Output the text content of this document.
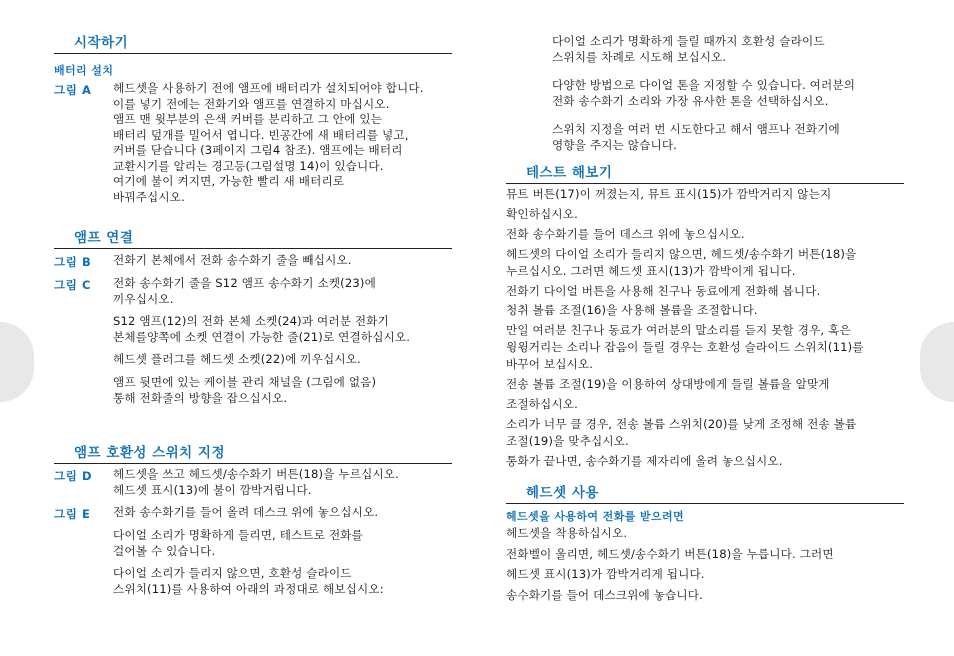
시작하기
배터리 설치
그림 A 헤드셋을 사용하기 전에 앰프에 배터리가 설치되어야 합니다.
이를 넣기 전에는 전화기와 앰프를 연결하지 마십시오.
앰프 맨 윗부분의 은색 커버를 분리하고 그 안에 있는
배터리 덮개를 밀어서 엽니다. 빈공간에 새 배터리를 넣고,
커버를 닫습니다 (3페이지 그림4 참조). 앰프에는 배터리
교환시기를 알리는 경고등(그림설명 14)이 있습니다.
여기에 불이 켜지면, 가능한 빨리 새 배터리로
바꿔주십시오.
앰프 연결
그림 B 전화기 본체에서 전화 송수화기 줄을 빼십시오.
그림 C 전화 송수화기 줄을 S12 앰프 송수화기 소켓(23)에
끼우십시오.
S12 앰프(12)의 전화 본체 소켓(24)과 여러분 전화기
본체를양쪽에 소켓 연결이 가능한 줄(21)로 연결하십시오.
헤드셋 플러그를 헤드셋 소켓(22)에 끼우십시오.
앰프 뒷면에 있는 케이블 관리 채널을 (그림에 없음)
통해 전화줄의 방향을 잡으십시오.
앰프 호환성 스위치 지정
그림 D 헤드셋을 쓰고 헤드셋/송수화기 버튼(18)을 누르십시오.
헤드셋 표시(13)에 불이 깜박거립니다.
그림 E 전화 송수화기를 들어 올려 데스크 위에 놓으십시오.
다이얼 소리가 명확하게 들리면, 테스트로 전화를
걸어볼 수 있습니다.
다이얼 소리가 들리지 않으면, 호환성 슬라이드
스위치(11)를 사용하여 아래의 과정대로 해보십시오:
다이얼 소리가 명확하게 들릴 때까지 호환성 슬라이드
스위치를 차례로 시도해 보십시오.
다양한 방법으로 다이얼 톤을 지정할 수 있습니다. 여러분의
전화 송수화기 소리와 가장 유사한 톤을 선택하십시오.
스위치 지정을 여러 번 시도한다고 해서 앰프나 전화기에
영향을 주지는 않습니다.
테스트 해보기
뮤트 버튼(17)이 꺼졌는지, 뮤트 표시(15)가 깜박거리지 않는지
확인하십시오.
전화 송수화기를 들어 데스크 위에 놓으십시오.
헤드셋의 다이얼 소리가 들리지 않으면, 헤드셋/송수화기 버튼(18)을
누르십시오. 그러면 헤드셋 표시(13)가 깜박이게 됩니다.
전화기 다이얼 버튼을 사용해 친구나 동료에게 전화해 봅니다.
청취 볼륨 조절(16)을 사용해 볼륨을 조절합니다.
만일 여러분 친구나 동료가 여러분의 말소리를 듣지 못할 경우, 혹은
윙윙거리는 소리나 잡음이 들릴 경우는 호환성 슬라이드 스위치(11)를
바꾸어 보십시오.
전송 볼륨 조절(19)을 이용하여 상대방에게 들릴 볼륨을 알맞게
조절하십시오.
소리가 너무 클 경우, 전송 볼륨 스위치(20)를 낮게 조정해 전송 볼륨
조절(19)을 맞추십시오.
통화가 끝나면, 송수화기를 제자리에 올려 놓으십시오.
헤드셋 사용
헤드셋을 사용하여 전화를 받으려면
헤드셋을 착용하십시오.
전화벨이 울리면, 헤드셋/송수화기 버튼(18)을 누릅니다. 그러면
헤드셋 표시(13)가 깜박거리게 됩니다.
송수화기를 들어 데스크위에 놓습니다.
